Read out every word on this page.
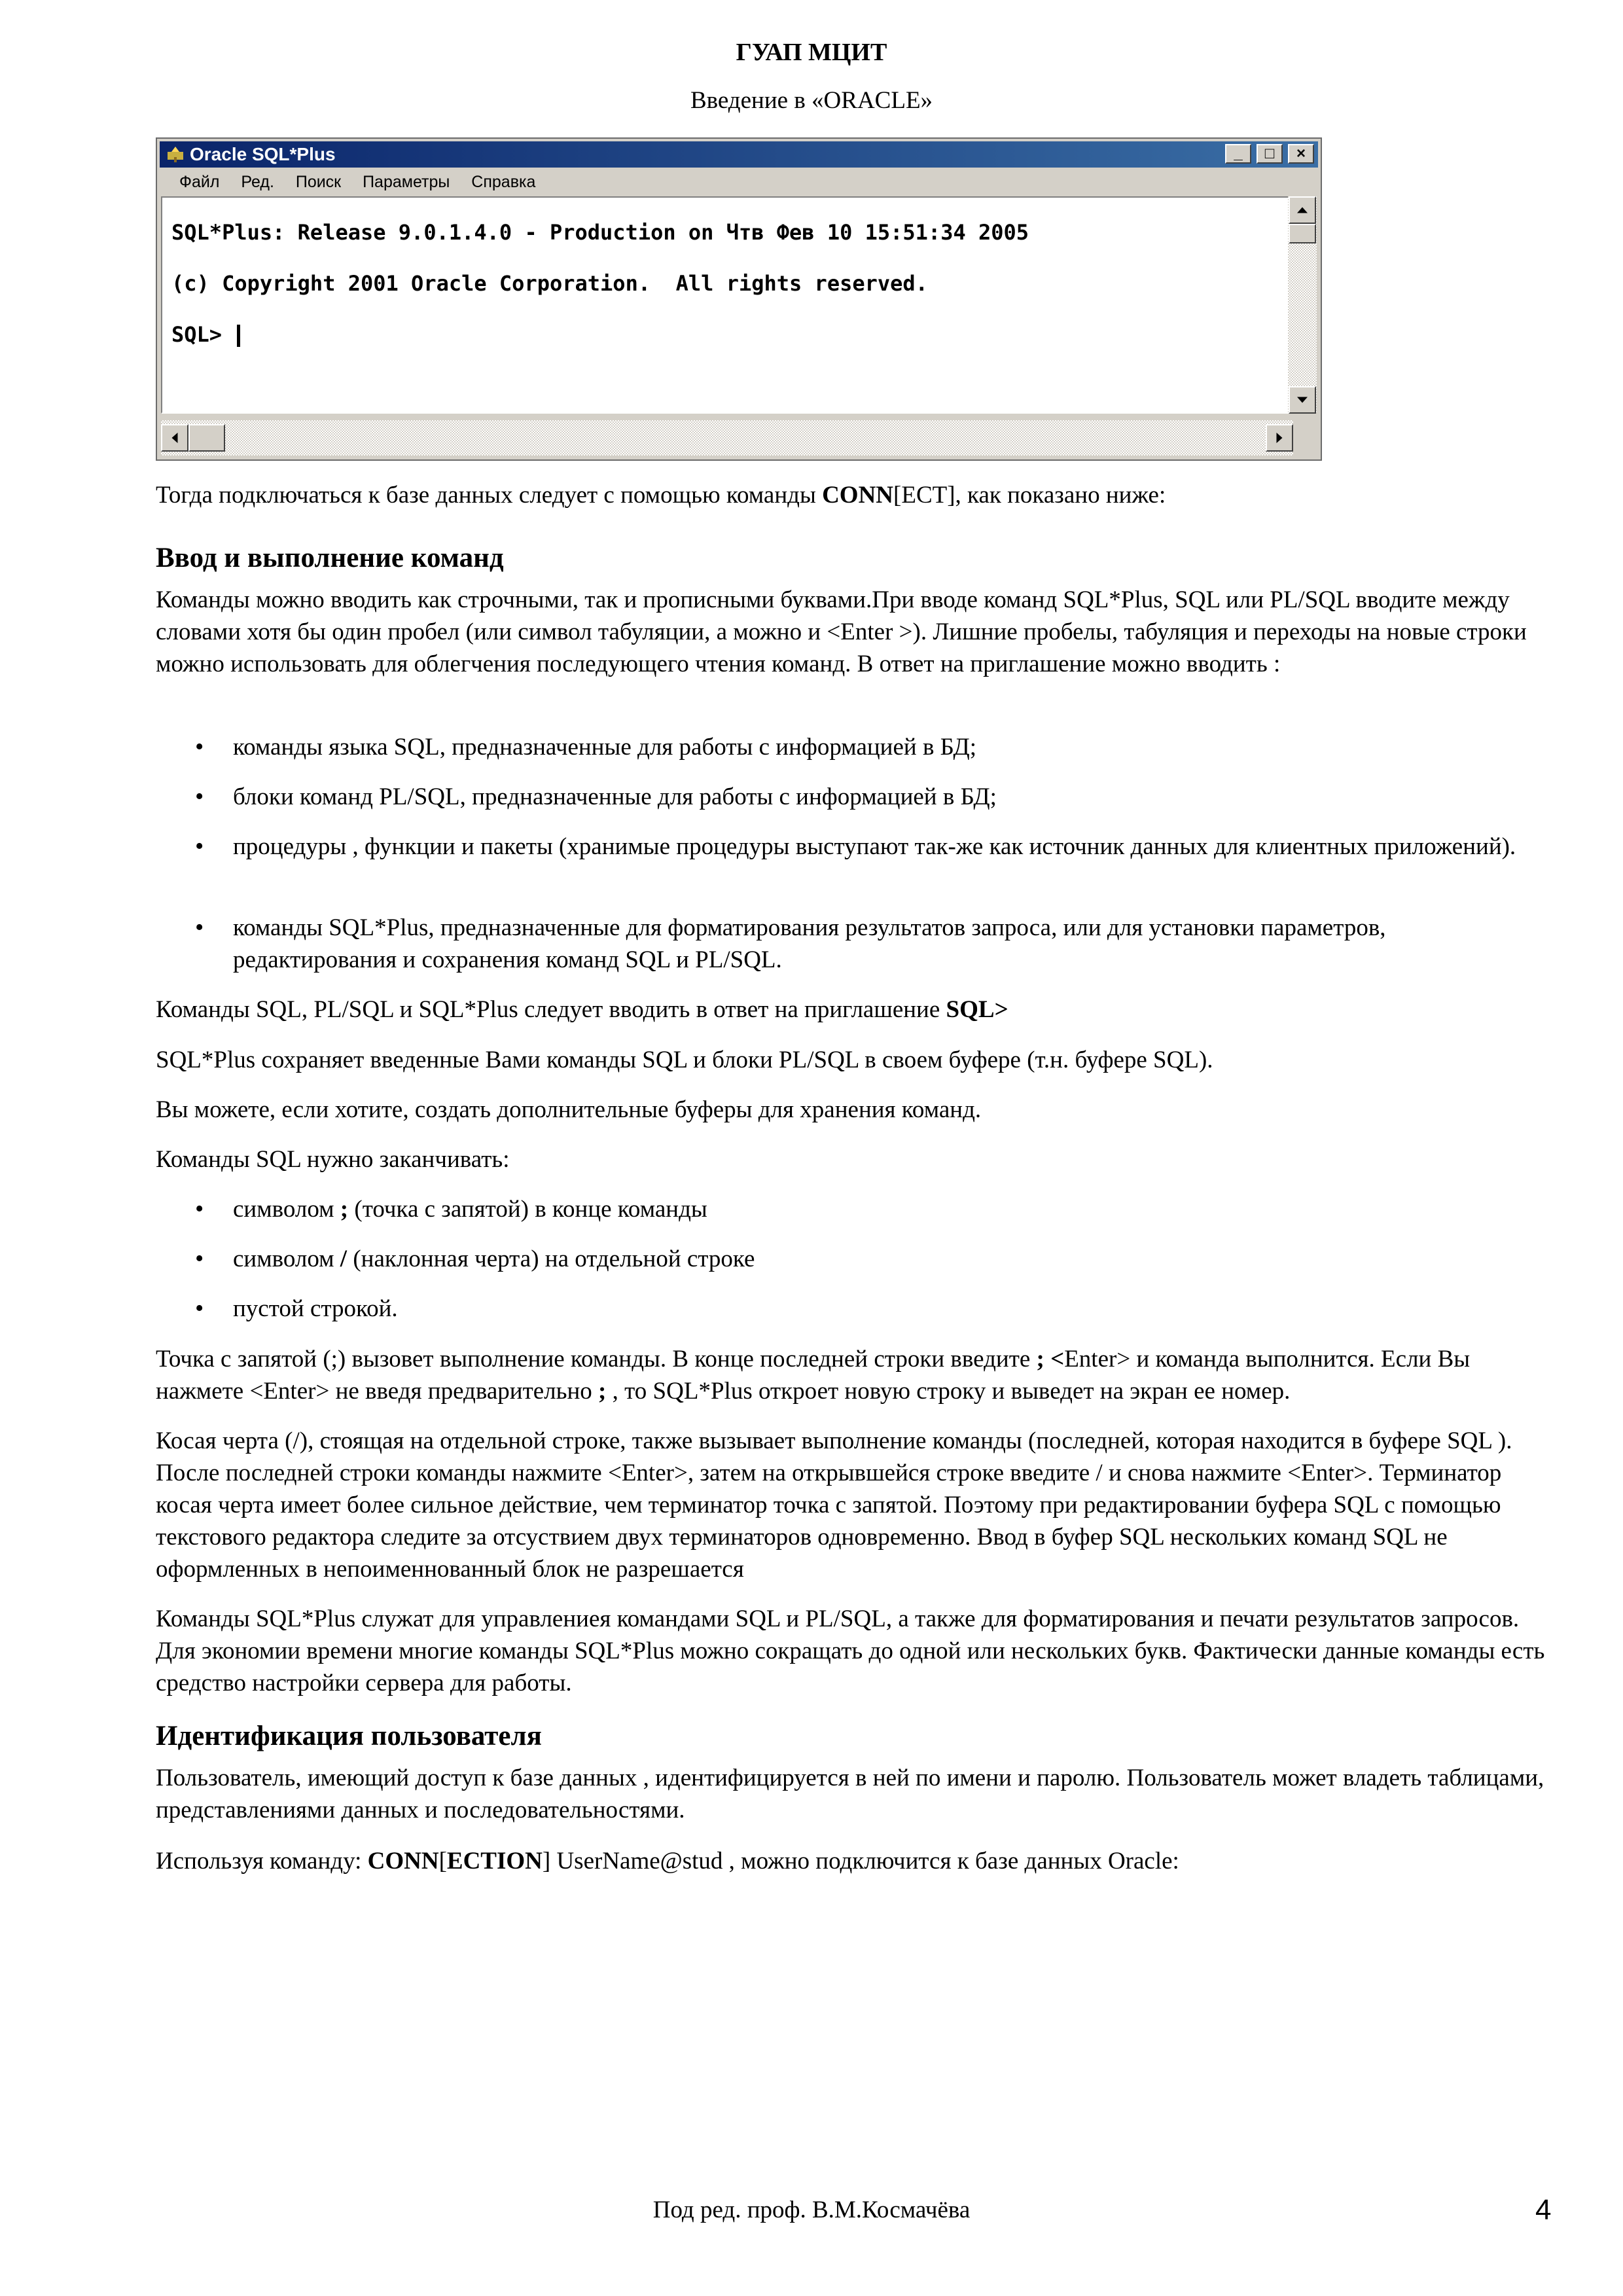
ГУАП МЦИТ
Введение в «ORACLE»
Oracle SQL*Plus	_ □ ×
Файл Ред. Поиск Параметры Справка
SQL*Plus: Release 9.0.1.4.0 - Production on Чтв Фев 10 15:51:34 2005
(c) Copyright 2001 Oracle Corporation.  All rights reserved.
SQL>
Тогда подключаться к базе данных следует с помощью команды CONN[ECT], как показано ниже:
Ввод и выполнение команд
Команды можно вводить как строчными, так и прописными буквами.При вводе команд SQL*Plus, SQL или PL/SQL вводите между словами хотя бы один пробел (или символ табуляции, а можно и <Enter >). Лишние пробелы, табуляция и переходы на новые строки можно использовать для облегчения последующего чтения команд. В ответ на приглашение можно вводить :
• команды языка SQL, предназначенные для работы с информацией в БД;
• блоки команд PL/SQL, предназначенные для работы с информацией в БД;
• процедуры , функции и пакеты (хранимые процедуры выступают так-же как источник данных для клиентных приложений).
• команды SQL*Plus, предназначенные для форматирования результатов запроса, или для установки параметров, редактирования и сохранения команд SQL и PL/SQL.
Команды SQL, PL/SQL и SQL*Plus следует вводить в ответ на приглашение SQL>
SQL*Plus сохраняет введенные Вами команды SQL и блоки PL/SQL в своем буфере (т.н. буфере SQL).
Вы можете, если хотите, создать дополнительные буферы для хранения команд.
Команды SQL нужно заканчивать:
• символом ; (точка с запятой) в конце команды
• символом / (наклонная черта) на отдельной строке
• пустой строкой.
Точка с запятой (;) вызовет выполнение команды. В конце последней строки введите ; <Enter> и команда выполнится. Если Вы нажмете <Enter> не введя предварительно ; , то SQL*Plus откроет новую строку и выведет на экран ее номер.
Косая черта (/), стоящая на отдельной строке, также вызывает выполнение команды (последней, которая находится в буфере SQL ). После последней строки команды нажмите <Enter>, затем на открывшейся строке введите / и снова нажмите <Enter>. Терминатор косая черта имеет более сильное действие, чем терминатор точка с запятой. Поэтому при редактировании буфера SQL с помощью текстового редактора следите за отсуствием двух терминаторов одновременно. Ввод в буфер SQL нескольких команд SQL не оформленных в непоименнованный блок не разрешается
Команды SQL*Plus служат для управлениея командами SQL и PL/SQL, а также для форматирования и печати результатов запросов. Для экономии времени многие команды SQL*Plus можно сокращать до одной или нескольких букв. Фактически данные команды есть средство настройки сервера для работы.
Идентификация пользователя
Пользователь, имеющий доступ к базе данных , идентифицируется в ней по имени и паролю. Пользователь может владеть таблицами, представлениями данных и последовательностями.
Используя команду: CONN[ECTION] UserName@stud , можно подключится к базе данных Oracle:
Под ред. проф. В.М.Космачёва	4
